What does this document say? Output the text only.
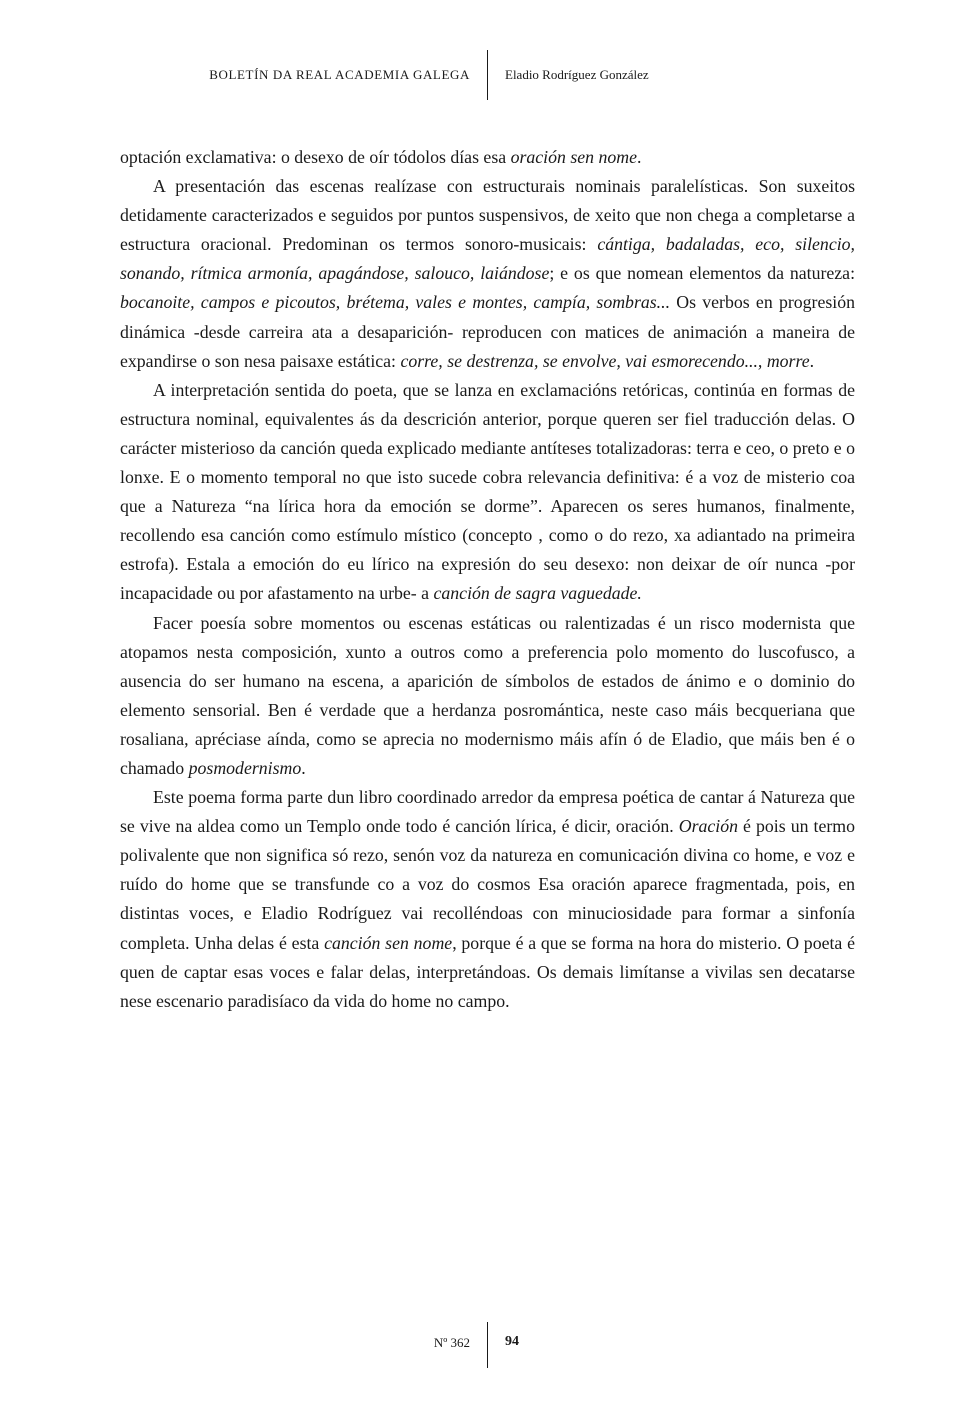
BOLETÍN DA REAL ACADEMIA GALEGA	Eladio Rodríguez González

optación exclamativa: o desexo de oír tódolos días esa oración sen nome.

A presentación das escenas realízase con estructurais nominais paralelísticas. Son suxeitos detidamente caracterizados e seguidos por puntos suspensivos, de xeito que non chega a completarse a estructura oracional. Predominan os termos sonoro-musicais: cántiga, badaladas, eco, silencio, sonando, rítmica armonía, apagándose, salouco, laiándose; e os que nomean elementos da natureza: bocanoite, campos e picoutos, brétema, vales e montes, campía, sombras... Os verbos en progresión dinámica -desde carreira ata a desaparición- reproducen con matices de animación a maneira de expandirse o son nesa paisaxe estática: corre, se destrenza, se envolve, vai esmorecendo..., morre.

A interpretación sentida do poeta, que se lanza en exclamacións retóricas, continúa en formas de estructura nominal, equivalentes ás da descrición anterior, porque queren ser fiel traducción delas. O carácter misterioso da canción queda explicado mediante antíteses totalizadoras: terra e ceo, o preto e o lonxe. E o momento temporal no que isto sucede cobra relevancia definitiva: é a voz de misterio coa que a Natureza “na lírica hora da emoción se dorme”. Aparecen os seres humanos, finalmente, recollendo esa canción como estímulo místico (concepto , como o do rezo, xa adiantado na primeira estrofa). Estala a emoción do eu lírico na expresión do seu desexo: non deixar de oír nunca -por incapacidade ou por afastamento na urbe- a canción de sagra vaguedade.

Facer poesía sobre momentos ou escenas estáticas ou ralentizadas é un risco modernista que atopamos nesta composición, xunto a outros como a preferencia polo momento do luscofusco, a ausencia do ser humano na escena, a aparición de símbolos de estados de ánimo e o dominio do elemento sensorial. Ben é verdade que a herdanza posromántica, neste caso máis becqueriana que rosaliana, apréciase aínda, como se aprecia no modernismo máis afín ó de Eladio, que máis ben é o chamado posmodernismo.

Este poema forma parte dun libro coordinado arredor da empresa poética de cantar á Natureza que se vive na aldea como un Templo onde todo é canción lírica, é dicir, oración. Oración é pois un termo polivalente que non significa só rezo, senón voz da natureza en comunicación divina co home, e voz e ruído do home que se transfunde co a voz do cosmos Esa oración aparece fragmentada, pois, en distintas voces, e Eladio Rodríguez vai recolléndoas con minuciosidade para formar a sinfonía completa. Unha delas é esta canción sen nome, porque é a que se forma na hora do misterio. O poeta é quen de captar esas voces e falar delas, interpretándoas. Os demais limítanse a vivilas sen decatarse nese escenario paradisíaco da vida do home no campo.

Nº 362	94
